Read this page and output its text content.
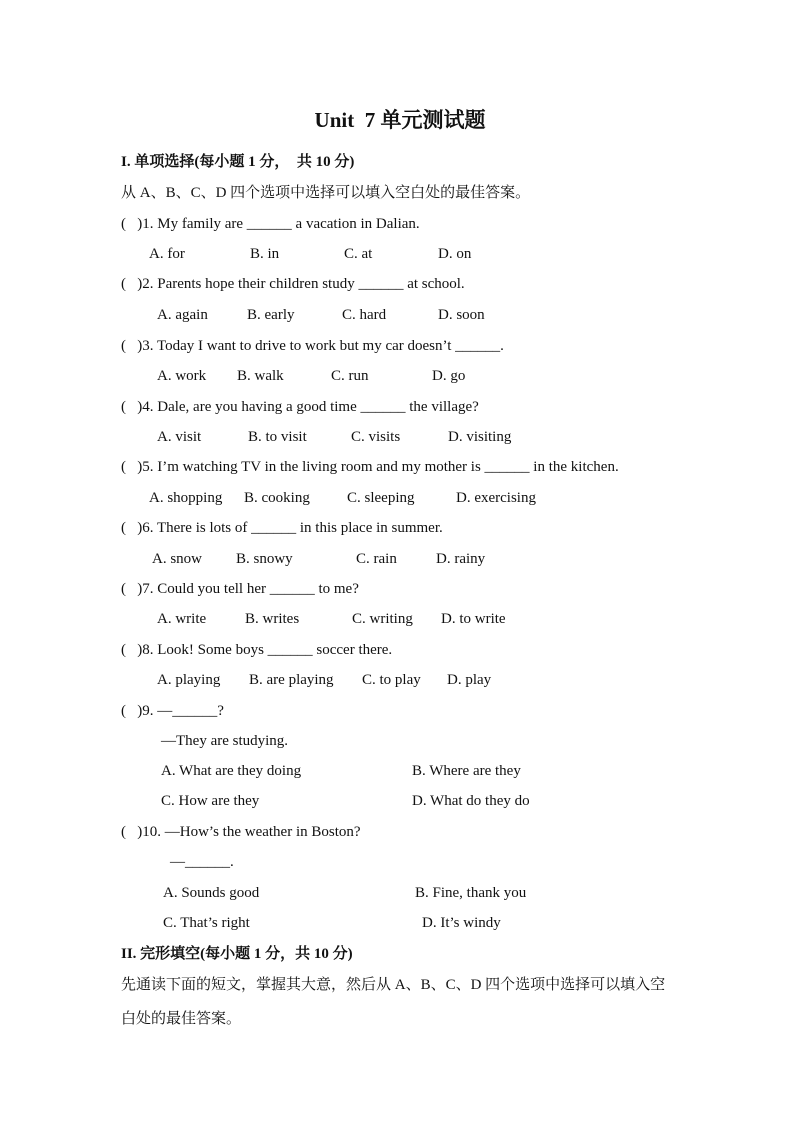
Unit  7 单元测试题
I. 单项选择(每小题 1 分，  共 10 分)
从 A、B、C、D 四个选项中选择可以填入空白处的最佳答案。
(   )1. My family are ______ a vacation in Dalian.
A. for	B. in	C. at	D. on
(   )2. Parents hope their children study ______ at school.
A. again	B. early	C. hard	D. soon
(   )3. Today I want to drive to work but my car doesn’t ______.
A. work B. walk	C. run	D. go
(   )4. Dale, are you having a good time ______ the village?
A. visit	B. to visit	C. visits	D. visiting
(   )5. I’m watching TV in the living room and my mother is ______ in the kitchen.
A. shopping B. cooking C. sleeping	D. exercising
(   )6. There is lots of ______ in this place in summer.
A. snow B. snowy	C. rain	D. rainy
(   )7. Could you tell her ______ to me?
A. write	B. writes	C. writing D. to write
(   )8. Look! Some boys ______ soccer there.
A. playing B. are playing C. to play D. play
(   )9. —______?
—They are studying.
A. What are they doing	B. Where are they
C. How are they	D. What do they do
(   )10. —How’s the weather in Boston?
—______.
A. Sounds good	B. Fine, thank you
C. That’s right	D. It’s windy
II. 完形填空(每小题 1 分，共 10 分)
先通读下面的短文，掌握其大意，然后从 A、B、C、D 四个选项中选择可以填入空
白处的最佳答案。
